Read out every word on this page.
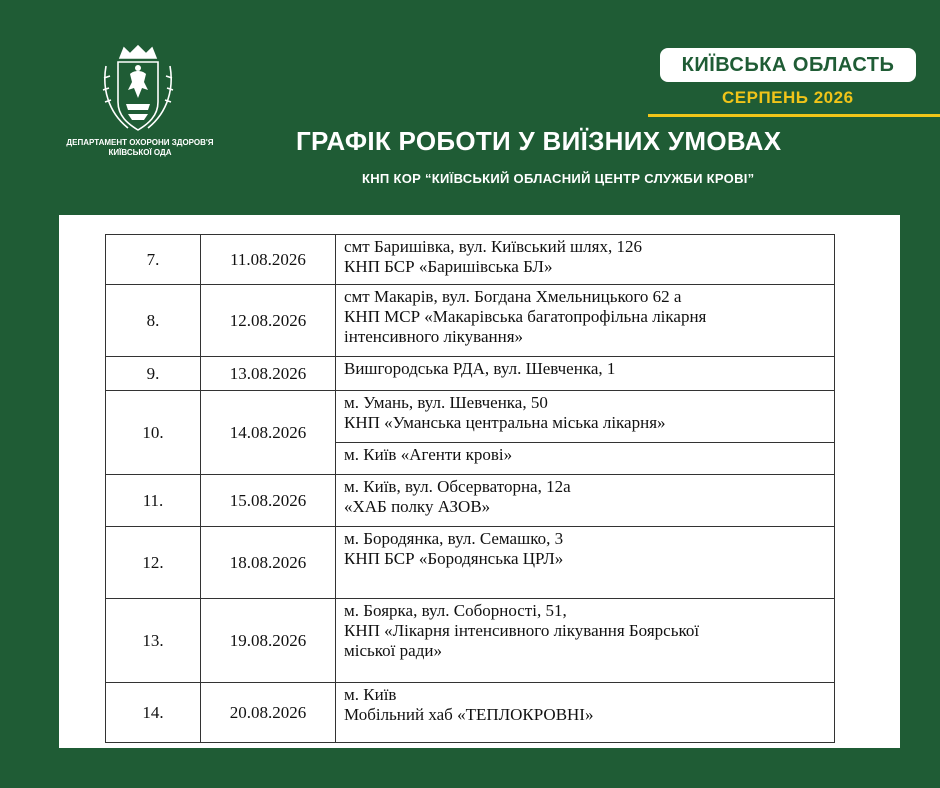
ДЕПАРТАМЕНТ ОХОРОНИ ЗДОРОВ'Я
КИЇВСЬКОЇ ОДА
КИЇВСЬКА ОБЛАСТЬ
СЕРПЕНЬ 2026
ГРАФІК РОБОТИ У ВИЇЗНИХ УМОВАХ
КНП КОР “КИЇВСЬКИЙ ОБЛАСНИЙ ЦЕНТР СЛУЖБИ КРОВІ”
7.	11.08.2026	смт Баришівка, вул. Київський шлях, 126
КНП БСР «Баришівська БЛ»

8.	12.08.2026	смт Макарів, вул. Богдана Хмельницького 62 а
КНП МСР «Макарівська багатопрофільна лікарня
інтенсивного лікування»

9.	13.08.2026	Вишгородська РДА, вул. Шевченка, 1

10.	14.08.2026	м. Умань, вул. Шевченка, 50
КНП «Уманська центральна міська лікарня»

		м. Київ «Агенти крові»

11.	15.08.2026	м. Київ, вул. Обсерваторна, 12а
«ХАБ полку АЗОВ»

12.	18.08.2026	м. Бородянка, вул. Семашко, 3
КНП БСР «Бородянська ЦРЛ»

13.	19.08.2026	м. Боярка, вул. Соборності, 51,
КНП «Лікарня інтенсивного лікування Боярської
міської ради»

14.	20.08.2026	м. Київ
Мобільний хаб «ТЕПЛОКРОВНІ»
